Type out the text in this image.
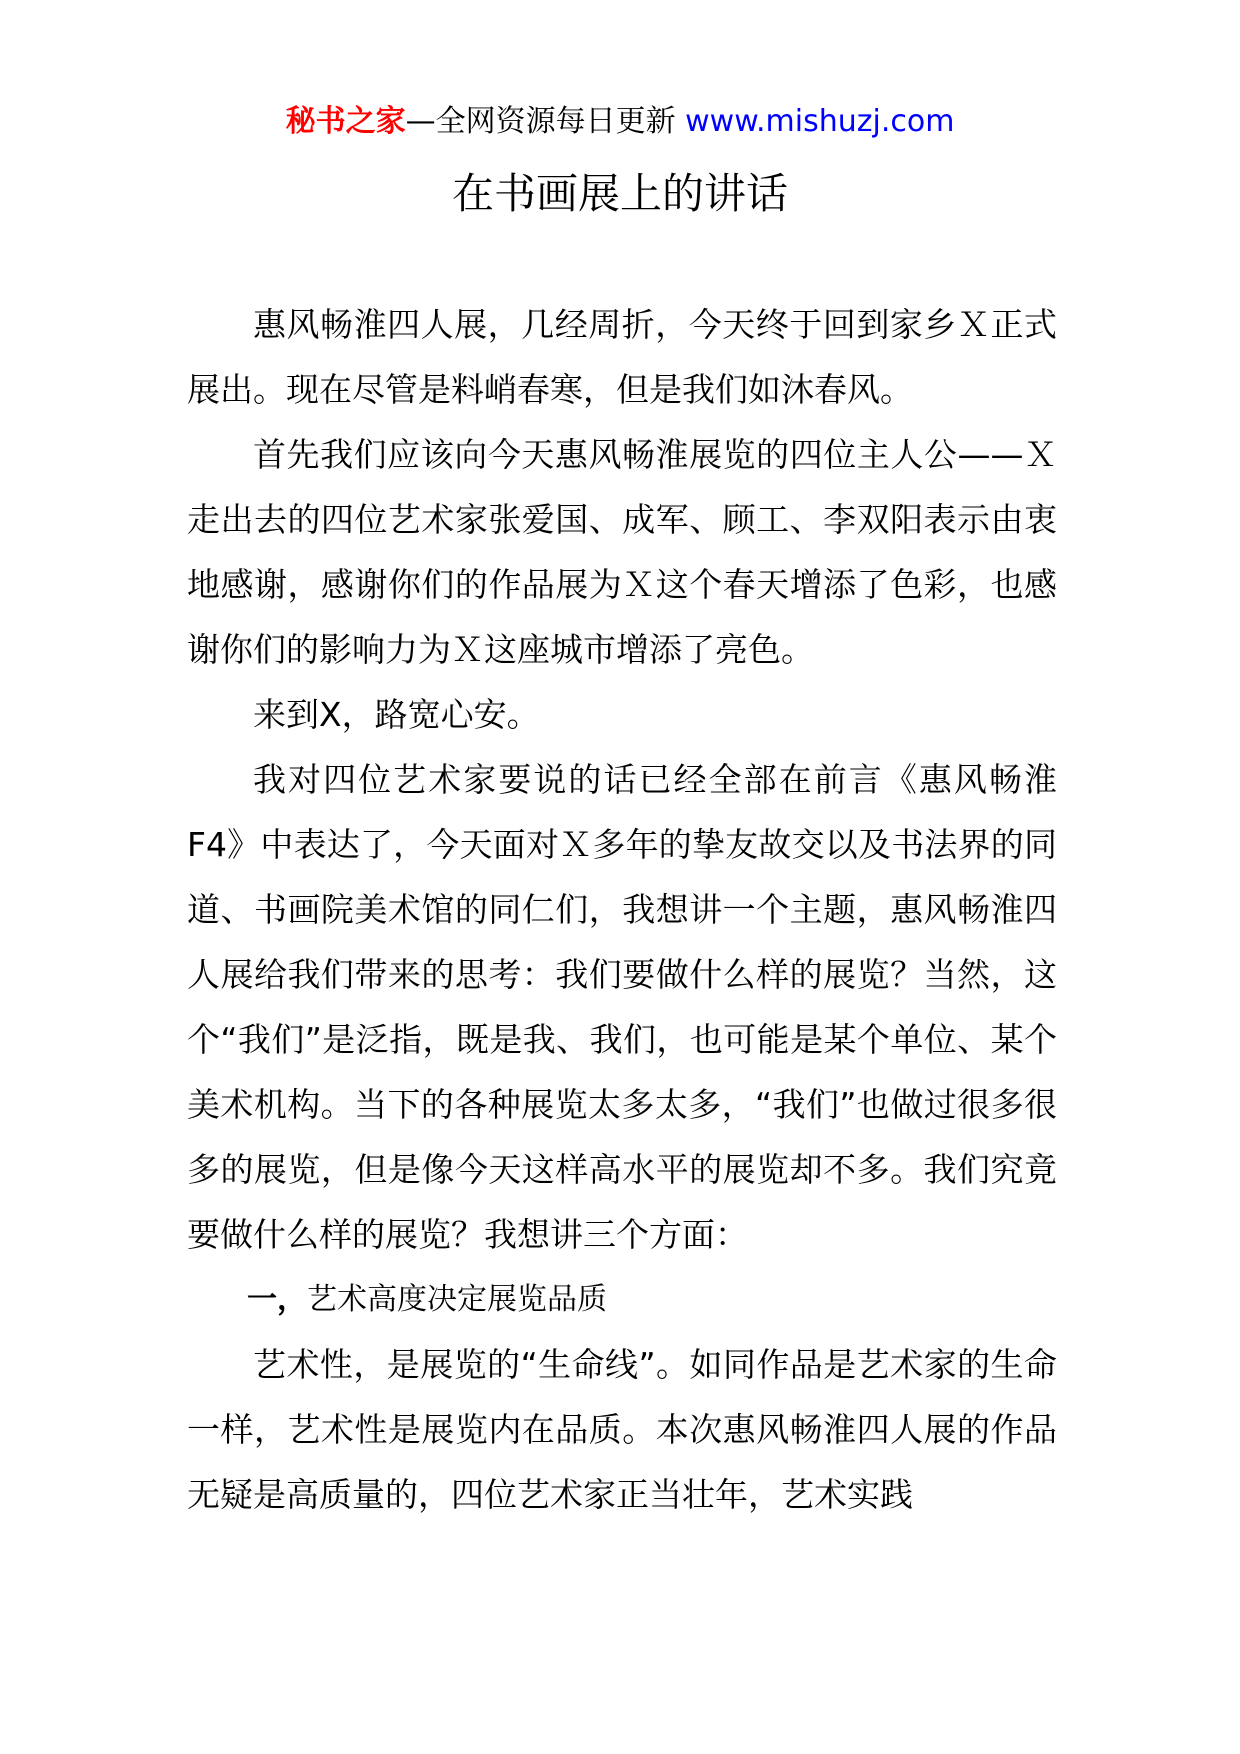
秘书之家—全网资源每日更新 www.mishuzj.com
在书画展上的讲话

惠风畅淮四人展，几经周折，今天终于回到家乡Ｘ正式展出。现在尽管是料峭春寒，但是我们如沐春风。

首先我们应该向今天惠风畅淮展览的四位主人公——Ｘ走出去的四位艺术家张爱国、成军、顾工、李双阳表示由衷地感谢，感谢你们的作品展为Ｘ这个春天增添了色彩，也感谢你们的影响力为Ｘ这座城市增添了亮色。

来到X，路宽心安。

我对四位艺术家要说的话已经全部在前言《惠风畅淮F4》中表达了，今天面对Ｘ多年的挚友故交以及书法界的同道、书画院美术馆的同仁们，我想讲一个主题，惠风畅淮四人展给我们带来的思考：我们要做什么样的展览？当然，这个“我们”是泛指，既是我、我们，也可能是某个单位、某个美术机构。当下的各种展览太多太多，“我们”也做过很多很多的展览，但是像今天这样高水平的展览却不多。我们究竟要做什么样的展览？我想讲三个方面：

一，艺术高度决定展览品质

艺术性，是展览的“生命线”。如同作品是艺术家的生命一样，艺术性是展览内在品质。本次惠风畅淮四人展的作品无疑是高质量的，四位艺术家正当壮年，艺术实践
